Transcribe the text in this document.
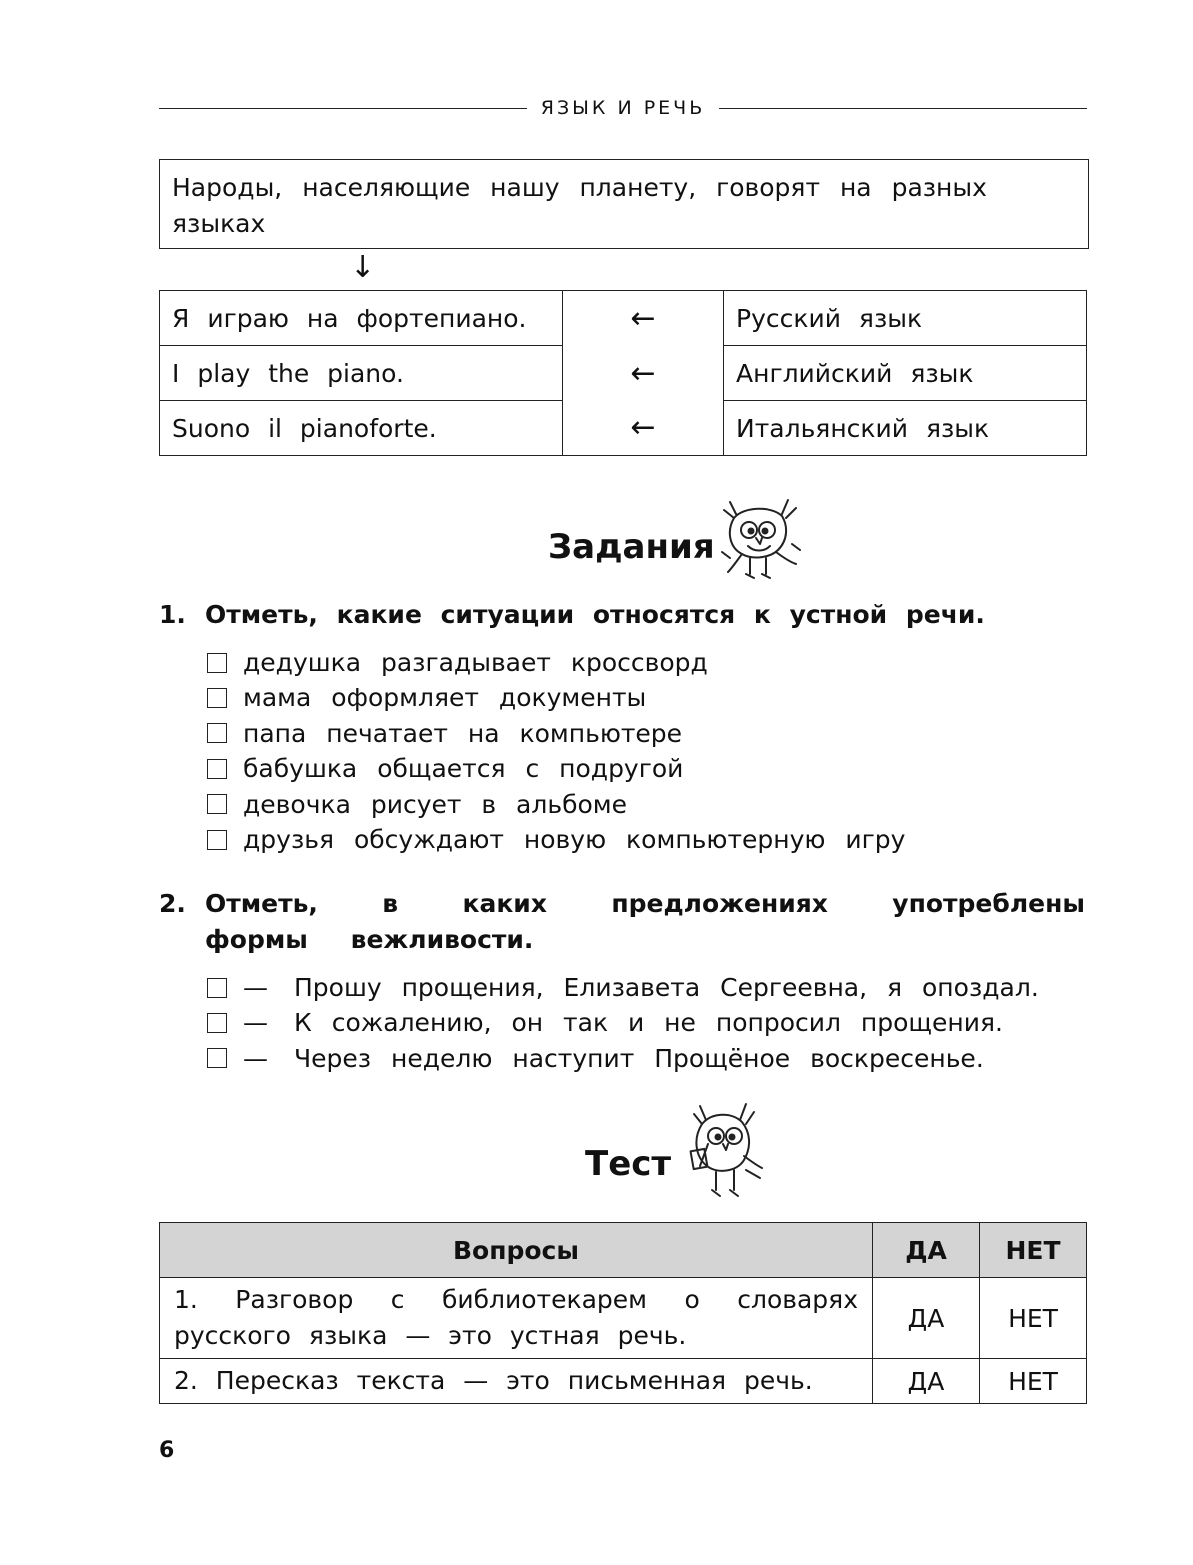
ЯЗЫК И РЕЧЬ
Народы, населяющие нашу планету, говорят на разных языках
↓
Я играю на фортепиано.	←	Русский язык
I play the piano.	←	Английский язык
Suono il pianoforte.	←	Итальянский язык
Задания
1. Отметь, какие ситуации относятся к устной речи.
дедушка разгадывает кроссворд
мама оформляет документы
папа печатает на компьютере
бабушка общается с подругой
девочка рисует в альбоме
друзья обсуждают новую компьютерную игру
2. Отметь, в каких предложениях употреблены формы вежливости.
— Прошу прощения, Елизавета Сергеевна, я опоздал.
— К сожалению, он так и не попросил прощения.
— Через неделю наступит Прощёное воскресенье.
Тест
Вопросы	ДА	НЕТ
1. Разговор с библиотекарем о словарях русского языка — это устная речь.	ДА	НЕТ
2. Пересказ текста — это письменная речь.	ДА	НЕТ
6
